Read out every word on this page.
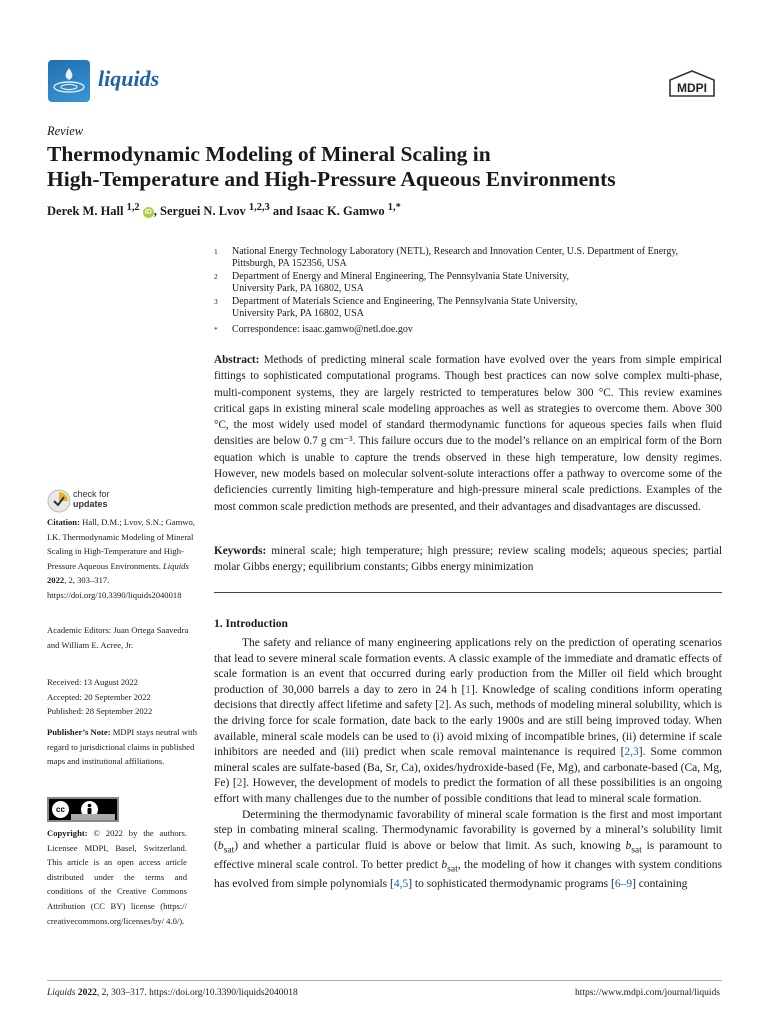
liquids	MDPI
Review
Thermodynamic Modeling of Mineral Scaling in
High-Temperature and High-Pressure Aqueous Environments
Derek M. Hall $^{1,2}$ iD , Serguei N. Lvov $^{1,2,3}$ and Isaac K. Gamwo $^{1,*}$
1 National Energy Technology Laboratory (NETL), Research and Innovation Center, U.S. Department of Energy,
Pittsburgh, PA 152356, USA
2 Department of Energy and Mineral Engineering, The Pennsylvania State University,
University Park, PA 16802, USA
3 Department of Materials Science and Engineering, The Pennsylvania State University,
University Park, PA 16802, USA
* Correspondence: isaac.gamwo@netl.doe.gov
Abstract: Methods of predicting mineral scale formation have evolved over the years from simple empirical fittings to sophisticated computational programs. Though best practices can now solve complex multi-phase, multi-component systems, they are largely restricted to temperatures below 300 °C. This review examines critical gaps in existing mineral scale modeling approaches as well as strategies to overcome them. Above 300 °C, the most widely used model of standard thermodynamic functions for aqueous species fails when fluid densities are below 0.7 g cm⁻³. This failure occurs due to the model’s reliance on an empirical form of the Born equation which is unable to capture the trends observed in these high temperature, low density regimes. However, new models based on molecular solvent-solute interactions offer a pathway to overcome some of the deficiencies currently limiting high-temperature and high-pressure mineral scale predictions. Examples of the most common scale prediction methods are presented, and their advantages and disadvantages are discussed.
Keywords: mineral scale; high temperature; high pressure; review scaling models; aqueous species; partial molar Gibbs energy; equilibrium constants; Gibbs energy minimization
1. Introduction

The safety and reliance of many engineering applications rely on the prediction of operating scenarios that lead to severe mineral scale formation events. A classic example of the immediate and dramatic effects of scale formation is an event that occurred during early production from the Miller oil field which brought production of 30,000 barrels a day to zero in 24 h [1]. Knowledge of scaling conditions inform operating decisions that directly affect lifetime and safety [2]. As such, methods of modeling mineral solubility, which is the driving force for scale formation, date back to the early 1900s and are still being improved today. When available, mineral scale models can be used to (i) avoid mixing of incompatible brines, (ii) determine if scale inhibitors are needed and (iii) predict when scale removal maintenance is required [2,3]. Some common mineral scales are sulfate-based (Ba, Sr, Ca), oxides/hydroxide-based (Fe, Mg), and carbonate-based (Ca, Mg, Fe) [2]. However, the development of models to predict the formation of all these possibilities is an ongoing effort with many challenges due to the number of possible conditions that lead to mineral scale formation.

Determining the thermodynamic favorability of mineral scale formation is the first and most important step in combating mineral scaling. Thermodynamic favorability is governed by a mineral’s solubility limit $(b_{sat})$ and whether a particular fluid is above or below that limit. As such, knowing $b_{sat}$ is paramount to effective mineral scale control. To better predict $b_{sat}$, the modeling of how it changes with system conditions has evolved from simple polynomials [4,5] to sophisticated thermodynamic programs [6–9] containing

check for
updates
Citation: Hall, D.M.; Lvov, S.N.; Gamwo, I.K. Thermodynamic Modeling of Mineral Scaling in High-Temperature and High-Pressure Aqueous Environments. Liquids 2022, 2, 303–317. https://doi.org/10.3390/liquids2040018
Academic Editors: Juan Ortega Saavedra and William E. Acree, Jr.
Received: 13 August 2022
Accepted: 20 September 2022
Published: 28 September 2022
Publisher’s Note: MDPI stays neutral with regard to jurisdictional claims in published maps and institutional affiliations.
cc
Copyright: © 2022 by the authors. Licensee MDPI, Basel, Switzerland. This article is an open access article distributed under the terms and conditions of the Creative Commons Attribution (CC BY) license (https:// creativecommons.org/licenses/by/ 4.0/).
Liquids 2022, 2, 303–317. https://doi.org/10.3390/liquids2040018	https://www.mdpi.com/journal/liquids
